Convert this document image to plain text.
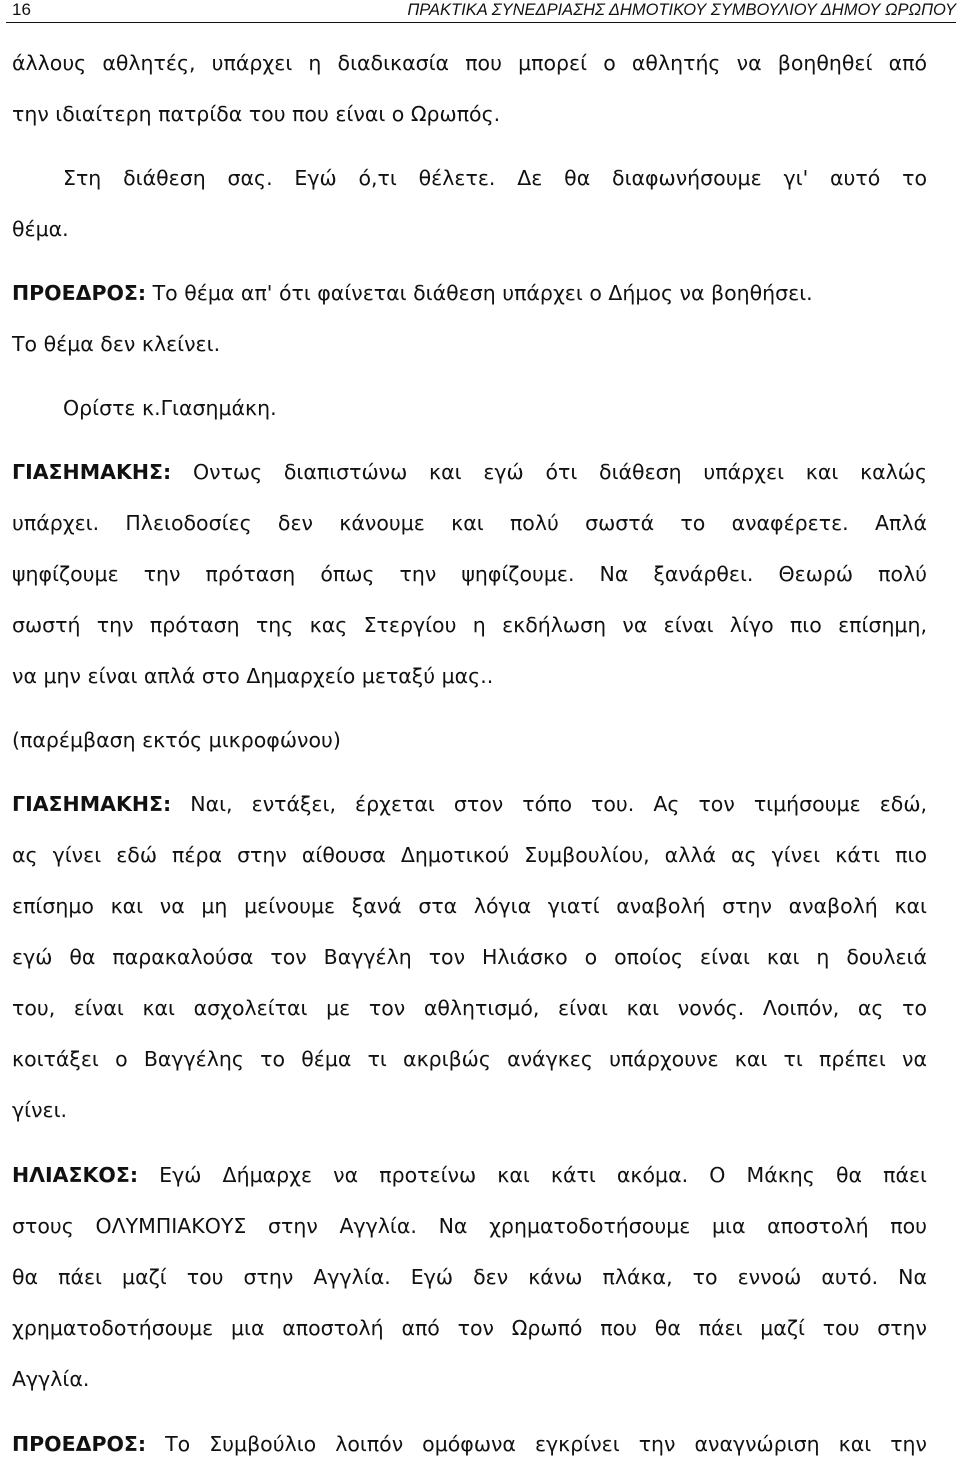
16	ΠΡΑΚΤΙΚΑ ΣΥΝΕΔΡΙΑΣΗΣ ΔΗΜΟΤΙΚΟΥ ΣΥΜΒΟΥΛΙΟΥ ΔΗΜΟΥ ΩΡΩΠΟΥ
άλλους αθλητές, υπάρχει η διαδικασία που μπορεί ο αθλητής να βοηθηθεί από
την ιδιαίτερη πατρίδα του που είναι ο Ωρωπός.
Στη διάθεση σας. Εγώ ό,τι θέλετε. Δε θα διαφωνήσουμε γι' αυτό το
θέμα.
ΠΡΟΕΔΡΟΣ: Το θέμα απ' ότι φαίνεται διάθεση υπάρχει ο Δήμος να βοηθήσει.
Το θέμα δεν κλείνει.
Ορίστε κ.Γιασημάκη.
ΓΙΑΣΗΜΑΚΗΣ: Οντως διαπιστώνω και εγώ ότι διάθεση υπάρχει και καλώς
υπάρχει. Πλειοδοσίες δεν κάνουμε και πολύ σωστά το αναφέρετε. Απλά
ψηφίζουμε την πρόταση όπως την ψηφίζουμε. Να ξανάρθει. Θεωρώ πολύ
σωστή την πρόταση της κας Στεργίου η εκδήλωση να είναι λίγο πιο επίσημη,
να μην είναι απλά στο Δημαρχείο μεταξύ μας..
(παρέμβαση εκτός μικροφώνου)
ΓΙΑΣΗΜΑΚΗΣ: Ναι, εντάξει, έρχεται στον τόπο του. Ας τον τιμήσουμε εδώ,
ας γίνει εδώ πέρα στην αίθουσα Δημοτικού Συμβουλίου, αλλά ας γίνει κάτι πιο
επίσημο και να μη μείνουμε ξανά στα λόγια γιατί αναβολή στην αναβολή και
εγώ θα παρακαλούσα τον Βαγγέλη τον Ηλιάσκο ο οποίος είναι και η δουλειά
του, είναι και ασχολείται με τον αθλητισμό, είναι και νονός. Λοιπόν, ας το
κοιτάξει ο Βαγγέλης το θέμα τι ακριβώς ανάγκες υπάρχουνε και τι πρέπει να
γίνει.
ΗΛΙΑΣΚΟΣ: Εγώ Δήμαρχε να προτείνω και κάτι ακόμα. Ο Μάκης θα πάει
στους ΟΛΥΜΠΙΑΚΟΥΣ στην Αγγλία. Να χρηματοδοτήσουμε μια αποστολή που
θα πάει μαζί του στην Αγγλία. Εγώ δεν κάνω πλάκα, το εννοώ αυτό. Να
χρηματοδοτήσουμε μια αποστολή από τον Ωρωπό που θα πάει μαζί του στην
Αγγλία.
ΠΡΟΕΔΡΟΣ: Το Συμβούλιο λοιπόν ομόφωνα εγκρίνει την αναγνώριση και την
